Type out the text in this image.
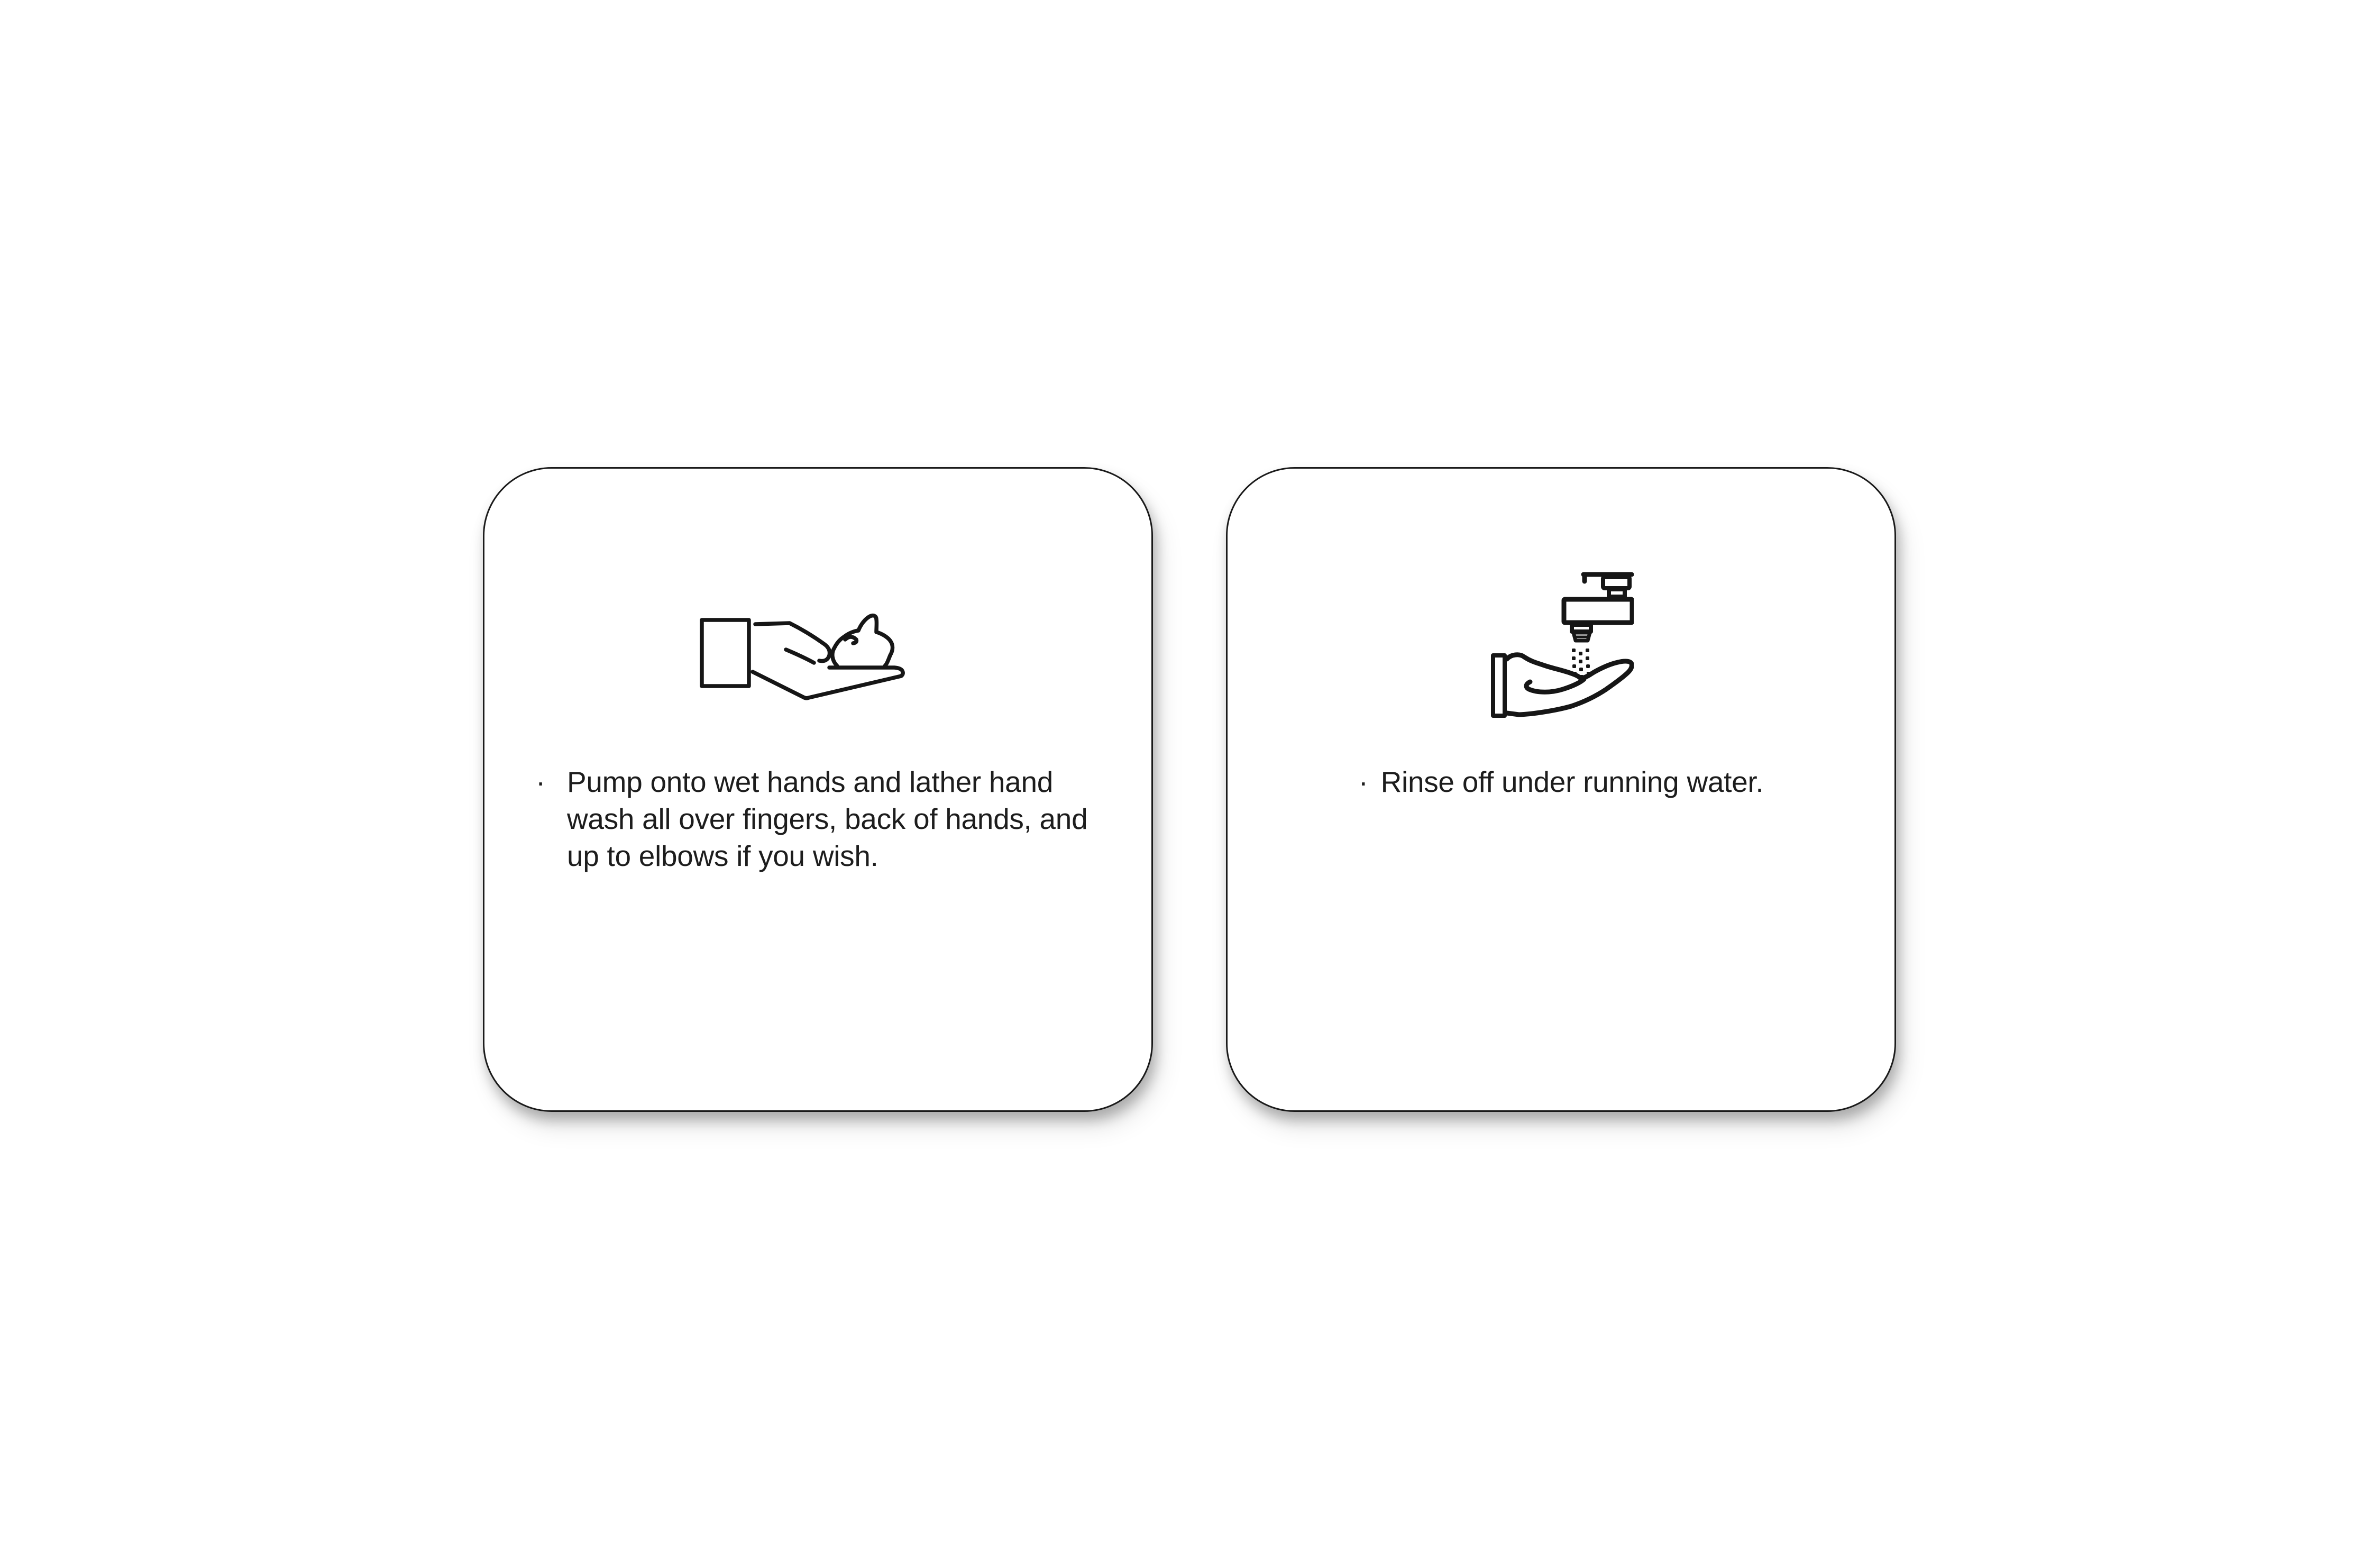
· Pump onto wet hands and lather hand
wash all over fingers, back of hands, and
up to elbows if you wish.
· Rinse off under running water.
